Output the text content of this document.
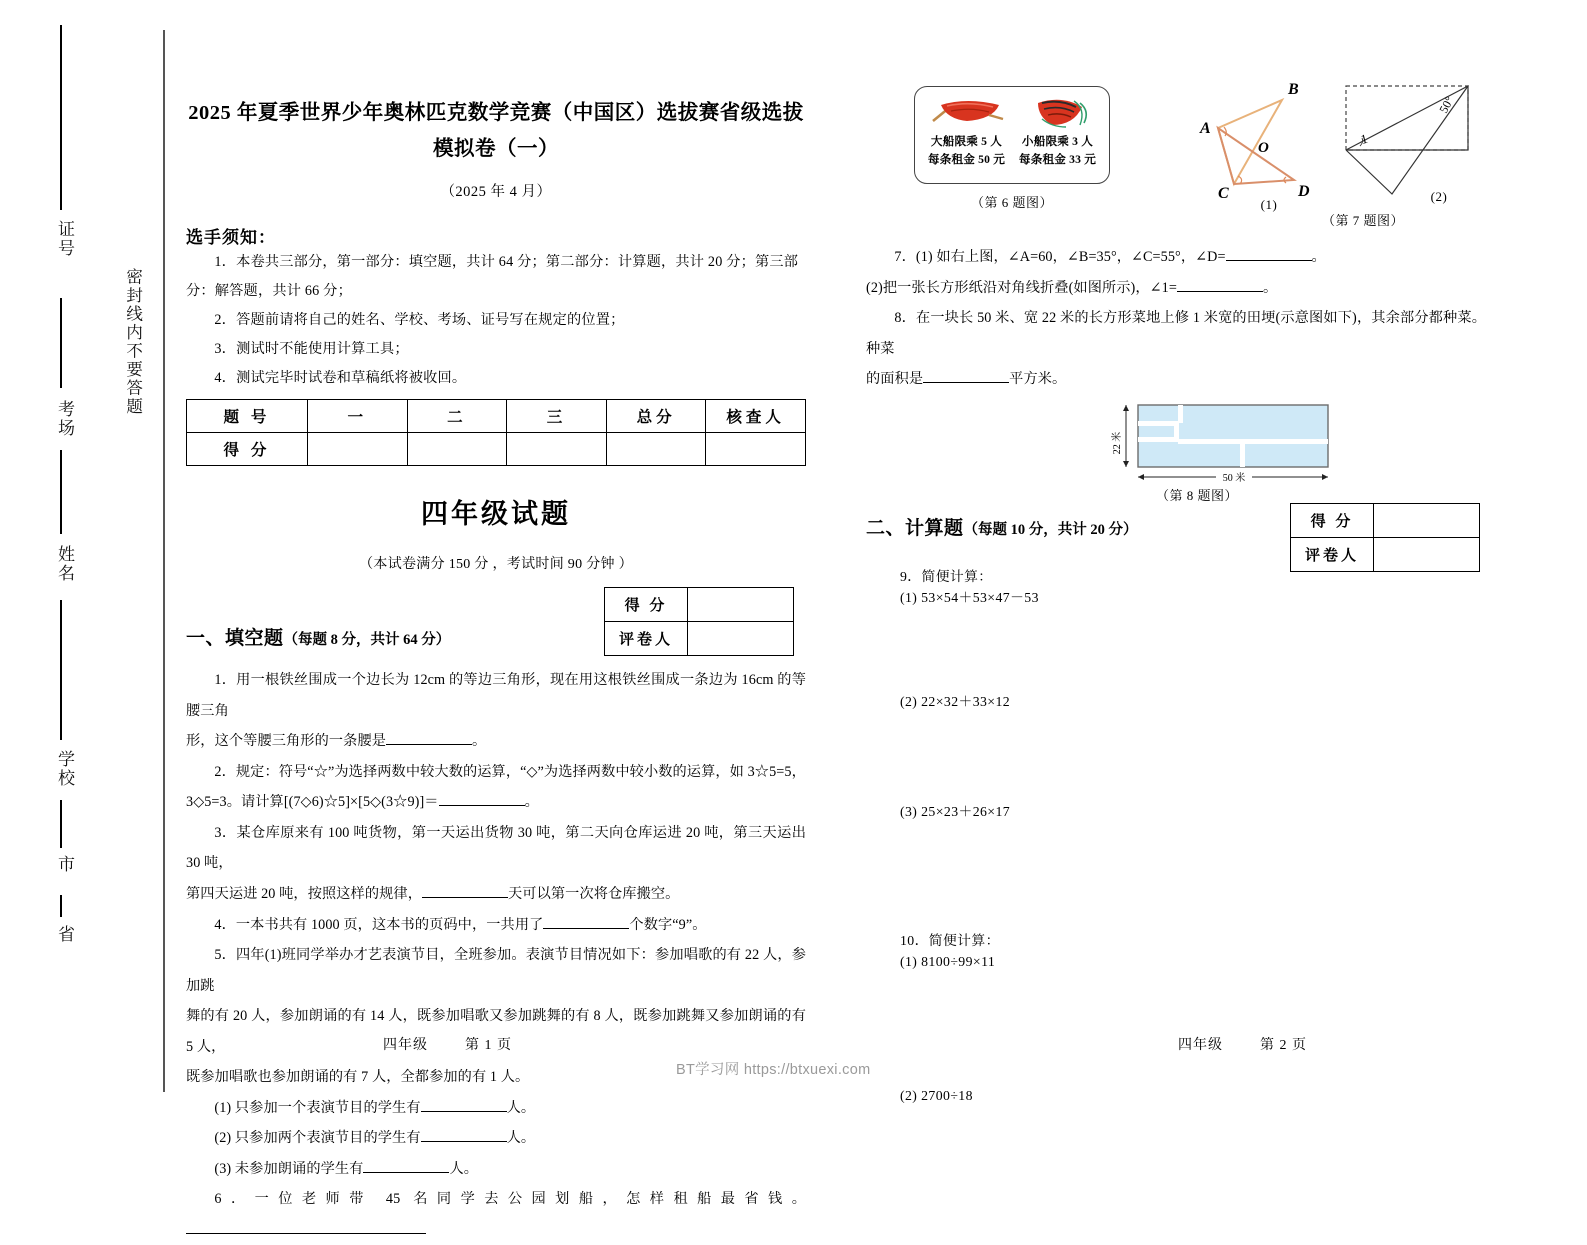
证号
考场
姓名
学校
市
省
密封线内不要答题
2025 年夏季世界少年奥林匹克数学竞赛（中国区）选拔赛省级选拔
模拟卷（一）
（2025 年 4 月）
选手须知：
1．本卷共三部分，第一部分：填空题，共计 64 分；第二部分：计算题，共计 20 分；第三部分：解答题，共计 66 分；
2．答题前请将自己的姓名、学校、考场、证号写在规定的位置；
3．测试时不能使用计算工具；
4．测试完毕时试卷和草稿纸将被收回。
题 号	一	二	三	总分	核查人
得 分					
四年级试题
（本试卷满分 150 分 ，考试时间 90 分钟 ）
得 分	
评卷人	
一、填空题（每题 8 分，共计 64 分）
1．用一根铁丝围成一个边长为 12cm 的等边三角形，现在用这根铁丝围成一条边为 16cm 的等腰三角
形，这个等腰三角形的一条腰是	。
2．规定：符号“☆”为选择两数中较大数的运算，“◇”为选择两数中较小数的运算，如 3☆5=5，
3◇5=3。请计算[(7◇6)☆5]×[5◇(3☆9)]＝	。
3．某仓库原来有 100 吨货物，第一天运出货物 30 吨，第二天向仓库运进 20 吨，第三天运出 30 吨，
第四天运进 20 吨，按照这样的规律，	天可以第一次将仓库搬空。
4．一本书共有 1000 页，这本书的页码中，一共用了	个数字“9”。
5．四年(1)班同学举办才艺表演节目，全班参加。表演节目情况如下：参加唱歌的有 22 人，参加跳
舞的有 20 人，参加朗诵的有 14 人，既参加唱歌又参加跳舞的有 8 人，既参加跳舞又参加朗诵的有 5 人，
既参加唱歌也参加朗诵的有 7 人，全都参加的有 1 人。
(1) 只参加一个表演节目的学生有	人。
(2) 只参加两个表演节目的学生有	人。
(3) 未参加朗诵的学生有	人。
6．一位老师带 45 名同学去公园划船，怎样租船最省钱。
四年级	第 1 页
大船限乘 5 人
每条租金 50 元
小船限乘 3 人
每条租金 33 元
（第 6 题图）
A
B
C	D
O
(1)
1
50°
(2)
（第 7 题图）
7．(1) 如右上图，∠A=60，∠B=35°，∠C=55°，∠D=	。
(2)把一张长方形纸沿对角线折叠(如图所示)，∠1=	。
8．在一块长 50 米、宽 22 米的长方形菜地上修 1 米宽的田埂(示意图如下)，其余部分都种菜。种菜
的面积是	平方米。
22 米
50 米
（第 8 题图）
得 分	
评卷人	
二、计算题（每题 10 分，共计 20 分）
9．简便计算：
(1) 53×54＋53×47－53
(2) 22×32＋33×12
(3) 25×23＋26×17
10．简便计算：
(1) 8100÷99×11
(2) 2700÷18
四年级	第 2 页
BT学习网 https://btxuexi.com
